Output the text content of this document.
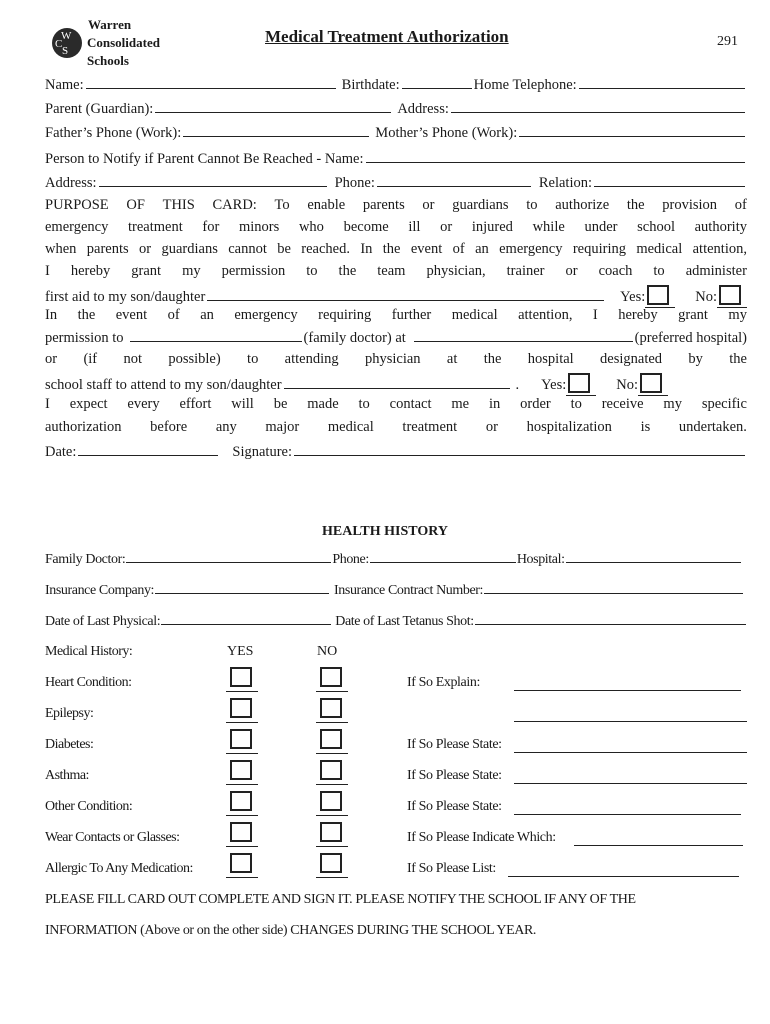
W
C
S
Warren
Consolidated
Schools
Medical Treatment Authorization	291
Name:	Birthdate:	Home Telephone:
Parent (Guardian):	Address:
Father’s Phone (Work):	Mother’s Phone (Work):
Person to Notify if Parent Cannot Be Reached - Name:
Address:	Phone:	Relation:
PURPOSE OF THIS CARD: To enable parents or guardians to authorize the provision of
emergency treatment for minors who become ill or injured while under school authority
when parents or guardians cannot be reached. In the event of an emergency requiring medical attention,
I hereby grant my permission to the team physician, trainer or coach to administer
first aid to my son/daughter	Yes:	No:
In the event of an emergency requiring further medical attention, I hereby grant my
permission to	(family doctor) at	(preferred hospital)
or (if not possible) to attending physician at the hospital designated by the
school staff to attend to my son/daughter	. Yes:	No:
I expect every effort will be made to contact me in order to receive my specific
authorization before any major medical treatment or hospitalization is undertaken.
Date:	Signature:
HEALTH HISTORY
Family Doctor:	Phone:	Hospital:
Insurance Company:	Insurance Contract Number:
Date of Last Physical:	Date of Last Tetanus Shot:
Medical History:	YES	NO
Heart Condition:	If So Explain:
Epilepsy:
Diabetes:	If So Please State:
Asthma:	If So Please State:
Other Condition:	If So Please State:
Wear Contacts or Glasses:	If So Please Indicate Which:
Allergic To Any Medication:	If So Please List:
PLEASE FILL CARD OUT COMPLETE AND SIGN IT. PLEASE NOTIFY THE SCHOOL IF ANY OF THE
INFORMATION (Above or on the other side) CHANGES DURING THE SCHOOL YEAR.
